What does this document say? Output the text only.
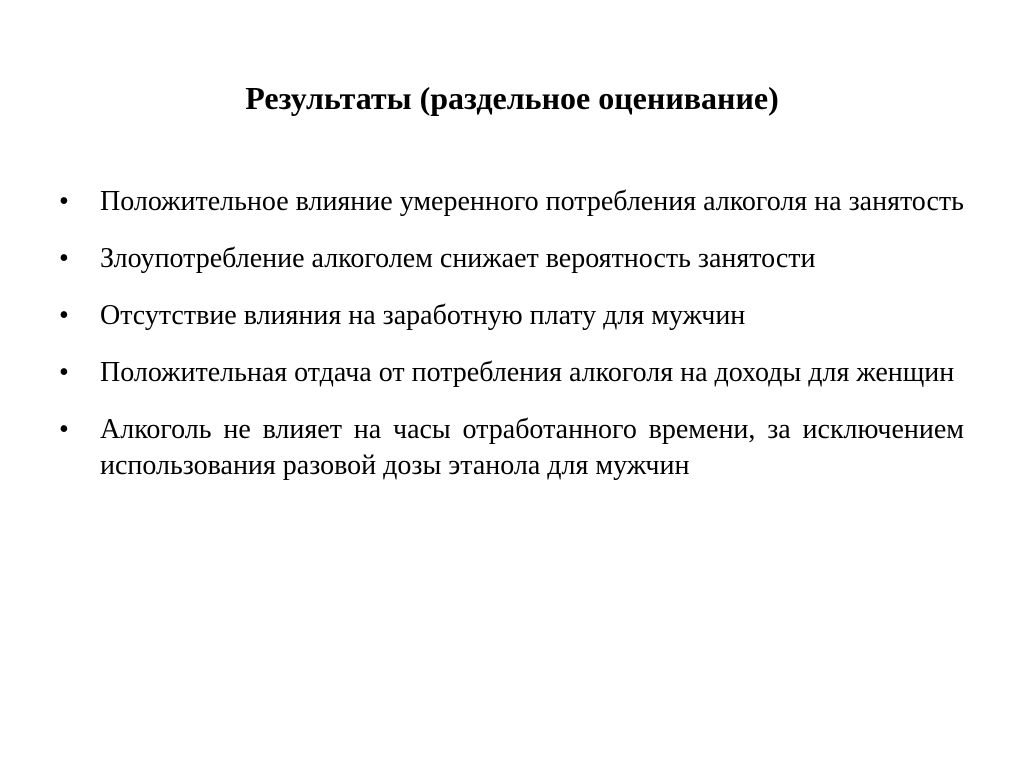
Результаты (раздельное оценивание)
•	Положительное влияние умеренного потребления алкоголя на занятость
•	Злоупотребление алкоголем снижает вероятность занятости
•	Отсутствие влияния на заработную плату для мужчин
•	Положительная отдача от потребления алкоголя на доходы для женщин
•	Алкоголь не влияет на часы отработанного времени, за исключением использования разовой дозы этанола для мужчин
